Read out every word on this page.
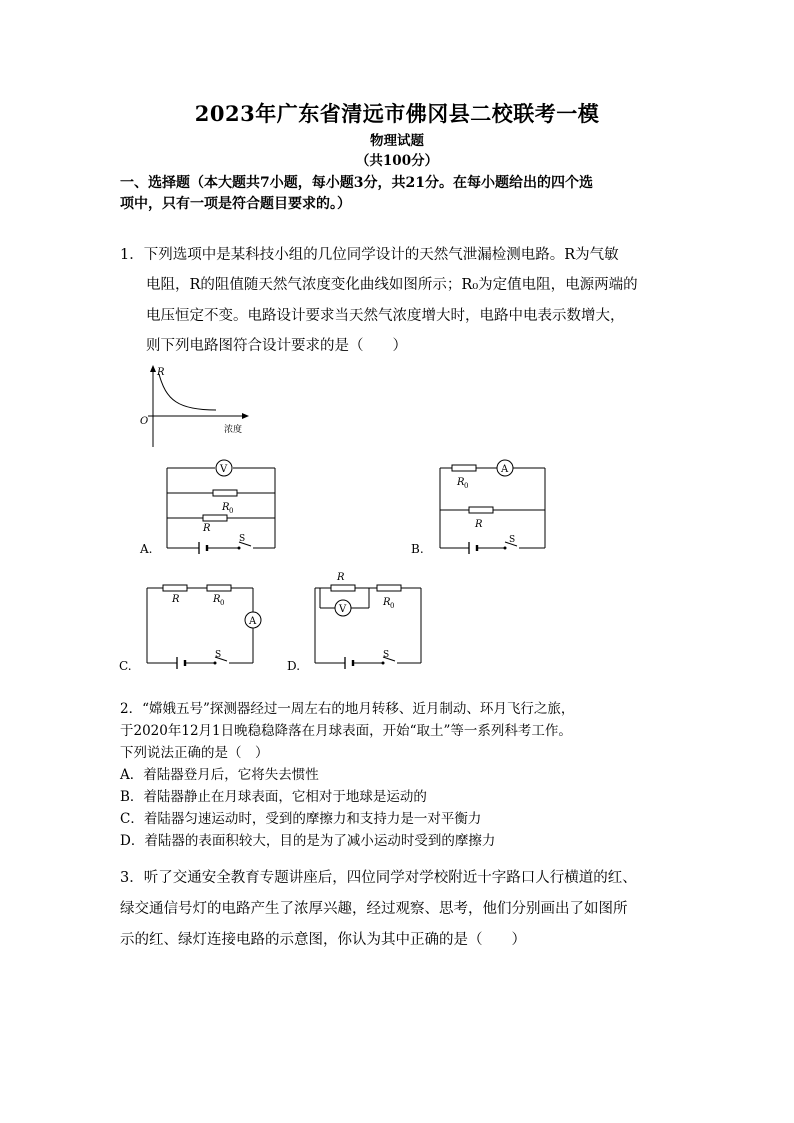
2023年广东省清远市佛冈县二校联考一模
物理试题
（共100分）
一、选择题（本大题共7小题，每小题3分，共21分。在每小题给出的四个选
项中，只有一项是符合题目要求的。）
1．下列选项中是某科技小组的几位同学设计的天然气泄漏检测电路。R为气敏
电阻，R的阻值随天然气浓度变化曲线如图所示；R₀为定值电阻，电源两端的
电压恒定不变。电路设计要求当天然气浓度增大时，电路中电表示数增大，
则下列电路图符合设计要求的是（　　）
R
O
浓度
V
R 0
R
S
A.
R 0
A
R
S
B.
R	R 0
A
S
C.
R
R 0
V
S
D.
2．“嫦娥五号”探测器经过一周左右的地月转移、近月制动、环月飞行之旅，
于2020年12月1日晚稳稳降落在月球表面，开始“取土”等一系列科考工作。
下列说法正确的是（　）
A．着陆器登月后，它将失去惯性
B．着陆器静止在月球表面，它相对于地球是运动的
C．着陆器匀速运动时，受到的摩擦力和支持力是一对平衡力
D．着陆器的表面积较大，目的是为了减小运动时受到的摩擦力
3．听了交通安全教育专题讲座后，四位同学对学校附近十字路口人行横道的红、
绿交通信号灯的电路产生了浓厚兴趣，经过观察、思考，他们分别画出了如图所
示的红、绿灯连接电路的示意图，你认为其中正确的是（　　）
